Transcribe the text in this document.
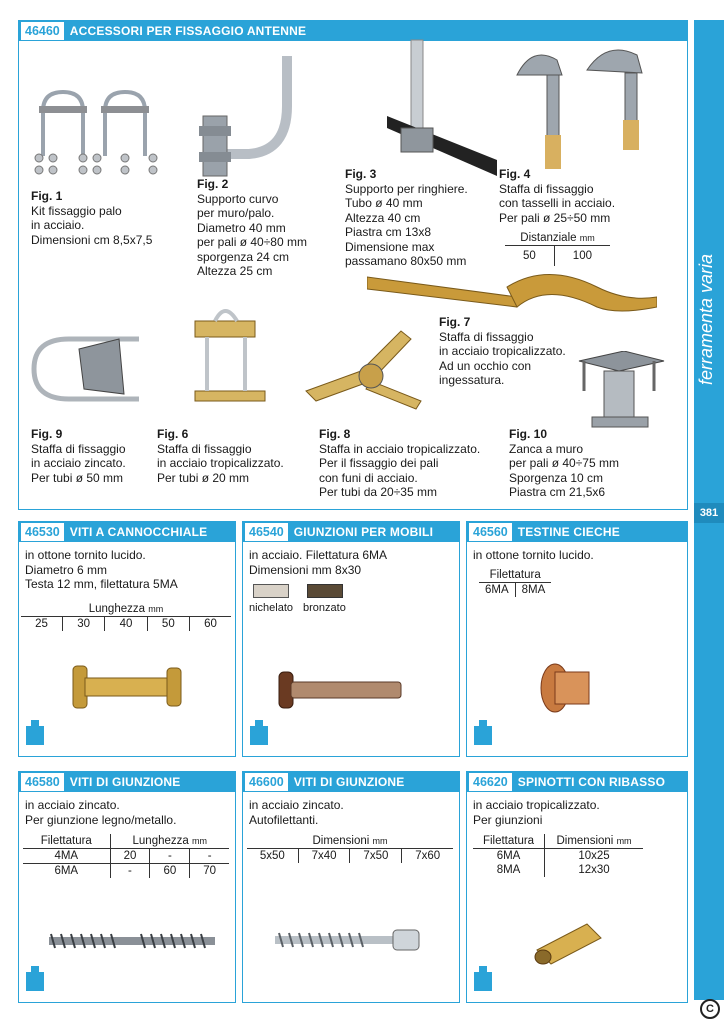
ferramenta varia
381
C
46460 ACCESSORI PER FISSAGGIO ANTENNE
Fig. 1
Kit fissaggio palo
in acciaio.
Dimensioni cm 8,5x7,5
Fig. 2
Supporto curvo
per muro/palo.
Diametro 40 mm
per pali ø 40÷80 mm
sporgenza 24 cm
Altezza 25 cm
Fig. 3
Supporto per ringhiere.
Tubo ø 40 mm
Altezza 40 cm
Piastra cm 13x8
Dimensione max
passamano 80x50 mm
Fig. 4
Staffa di fissaggio
con tasselli in acciaio.
Per pali ø 25÷50 mm
Distanziale mm
50	100
Fig. 7
Staffa di fissaggio
in acciaio tropicalizzato.
Ad un occhio con
ingessatura.
Fig. 9
Staffa di fissaggio
in acciaio zincato.
Per tubi ø 50 mm
Fig. 6
Staffa di fissaggio
in acciaio tropicalizzato.
Per tubi ø 20 mm
Fig. 8
Staffa in acciaio tropicalizzato.
Per il fissaggio dei pali
con funi di acciaio.
Per tubi da 20÷35 mm
Fig. 10
Zanca a muro
per pali ø 40÷75 mm
Sporgenza 10 cm
Piastra cm 21,5x6
46530 VITI A CANNOCCHIALE
in ottone tornito lucido.
Diametro 6 mm
Testa 12 mm, filettatura 5MA
Lunghezza mm
25	30	40	50	60
46540 GIUNZIONI PER MOBILI
in acciaio. Filettatura 6MA
Dimensioni mm 8x30
nichelato bronzato
46560 TESTINE CIECHE
in ottone tornito lucido.
Filettatura
6MA	8MA
46580 VITI DI GIUNZIONE
in acciaio zincato.
Per giunzione legno/metallo.
Filettatura	Lunghezza mm		
4MA	20	-	-
6MA	-	60	70
46600 VITI DI GIUNZIONE
in acciaio zincato.
Autofilettanti.
Dimensioni mm
5x50	7x40	7x50	7x60
46620 SPINOTTI CON RIBASSO
in acciaio tropicalizzato.
Per giunzioni
Filettatura	Dimensioni mm
6MA	10x25
8MA	12x30
